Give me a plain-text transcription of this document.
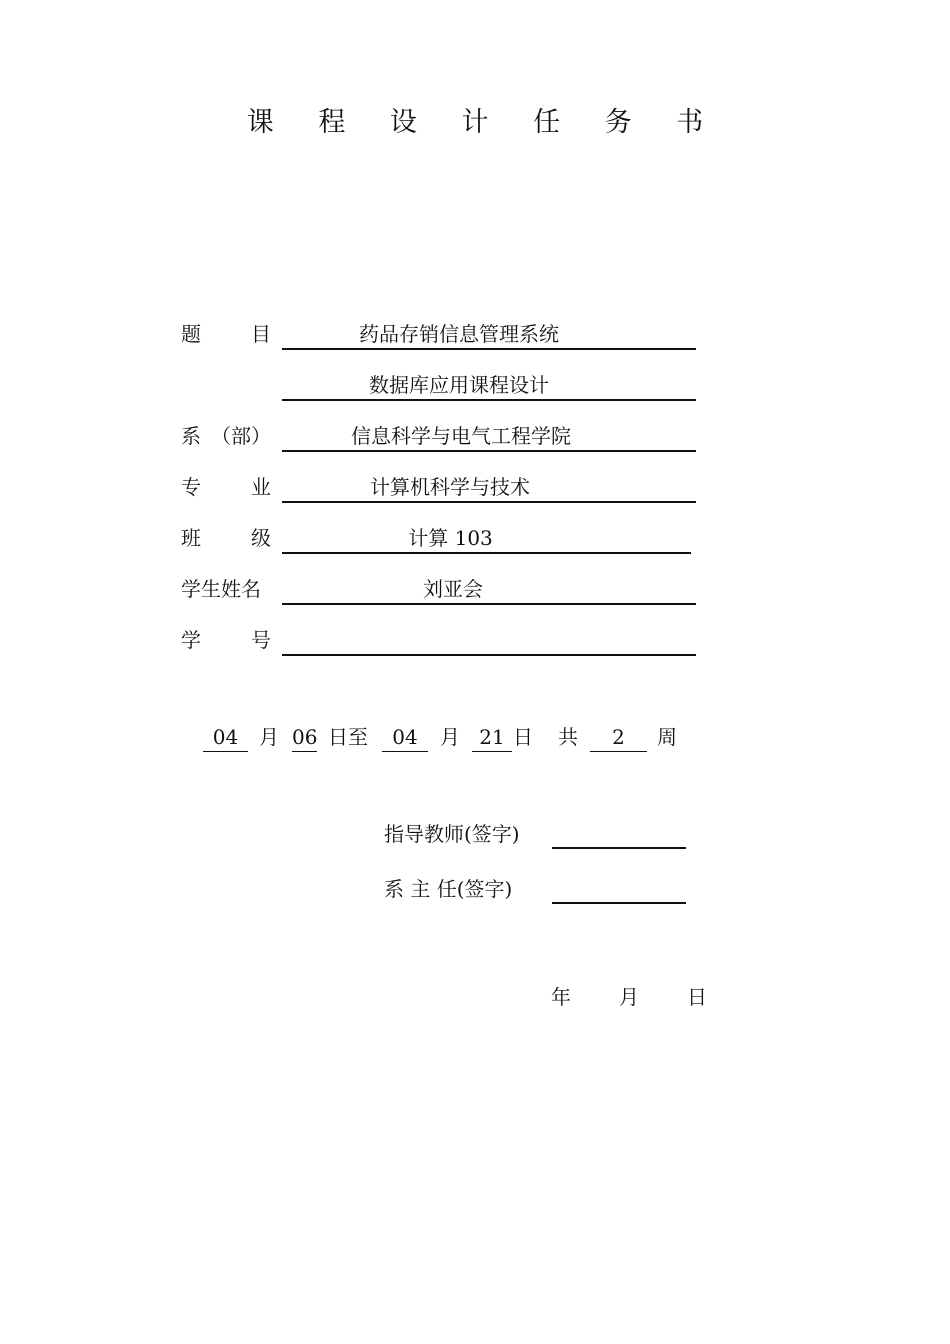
课 程 设 计 任 务 书
题	目	药品存销信息管理系统
数据库应用课程设计
系 （部）	信息科学与电气工程学院
专	业	计算机科学与技术
班	级	计算 103
学生姓名	刘亚会
学	号
04	月 06 日至	04	月 21 日 共	2	周
指导教师(签字)
系 主 任(签字)
年 月 日
